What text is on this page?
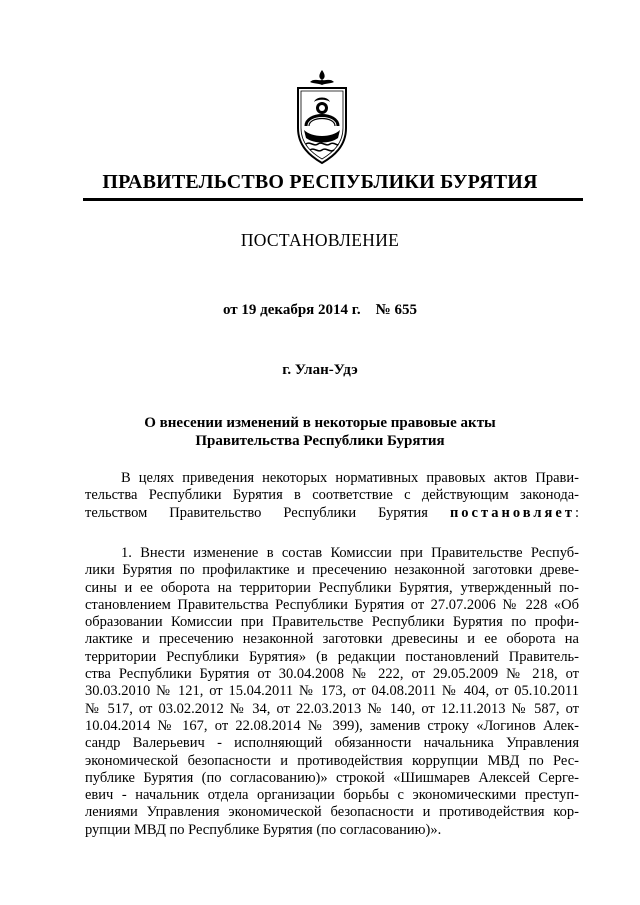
ПРАВИТЕЛЬСТВО РЕСПУБЛИКИ БУРЯТИЯ
ПОСТАНОВЛЕНИЕ
от 19 декабря 2014 г.    № 655
г. Улан-Удэ
О внесении изменений в некоторые правовые акты
Правительства Республики Бурятия
В целях приведения некоторых нормативных правовых актов Прави-
тельства Республики Бурятия в соответствие с действующим законода-
тельством Правительство Республики Бурятия постановляет:
1. Внести изменение в состав Комиссии при Правительстве Респуб-
лики Бурятия по профилактике и пресечению незаконной заготовки древе-
сины и ее оборота на территории Республики Бурятия, утвержденный по-
становлением Правительства Республики Бурятия от 27.07.2006 № 228 «Об
образовании Комиссии при Правительстве Республики Бурятия по профи-
лактике и пресечению незаконной заготовки древесины и ее оборота на
территории Республики Бурятия» (в редакции постановлений Правитель-
ства Республики Бурятия от 30.04.2008 № 222, от 29.05.2009 № 218, от
30.03.2010 № 121, от 15.04.2011 № 173, от 04.08.2011 № 404, от 05.10.2011
№ 517, от 03.02.2012 № 34, от 22.03.2013 № 140, от 12.11.2013 № 587, от
10.04.2014 № 167, от 22.08.2014 № 399), заменив строку «Логинов Алек-
сандр Валерьевич - исполняющий обязанности начальника Управления
экономической безопасности и противодействия коррупции МВД по Рес-
публике Бурятия (по согласованию)» строкой «Шишмарев Алексей Серге-
евич - начальник отдела организации борьбы с экономическими преступ-
лениями Управления экономической безопасности и противодействия кор-
рупции МВД по Республике Бурятия (по согласованию)».
